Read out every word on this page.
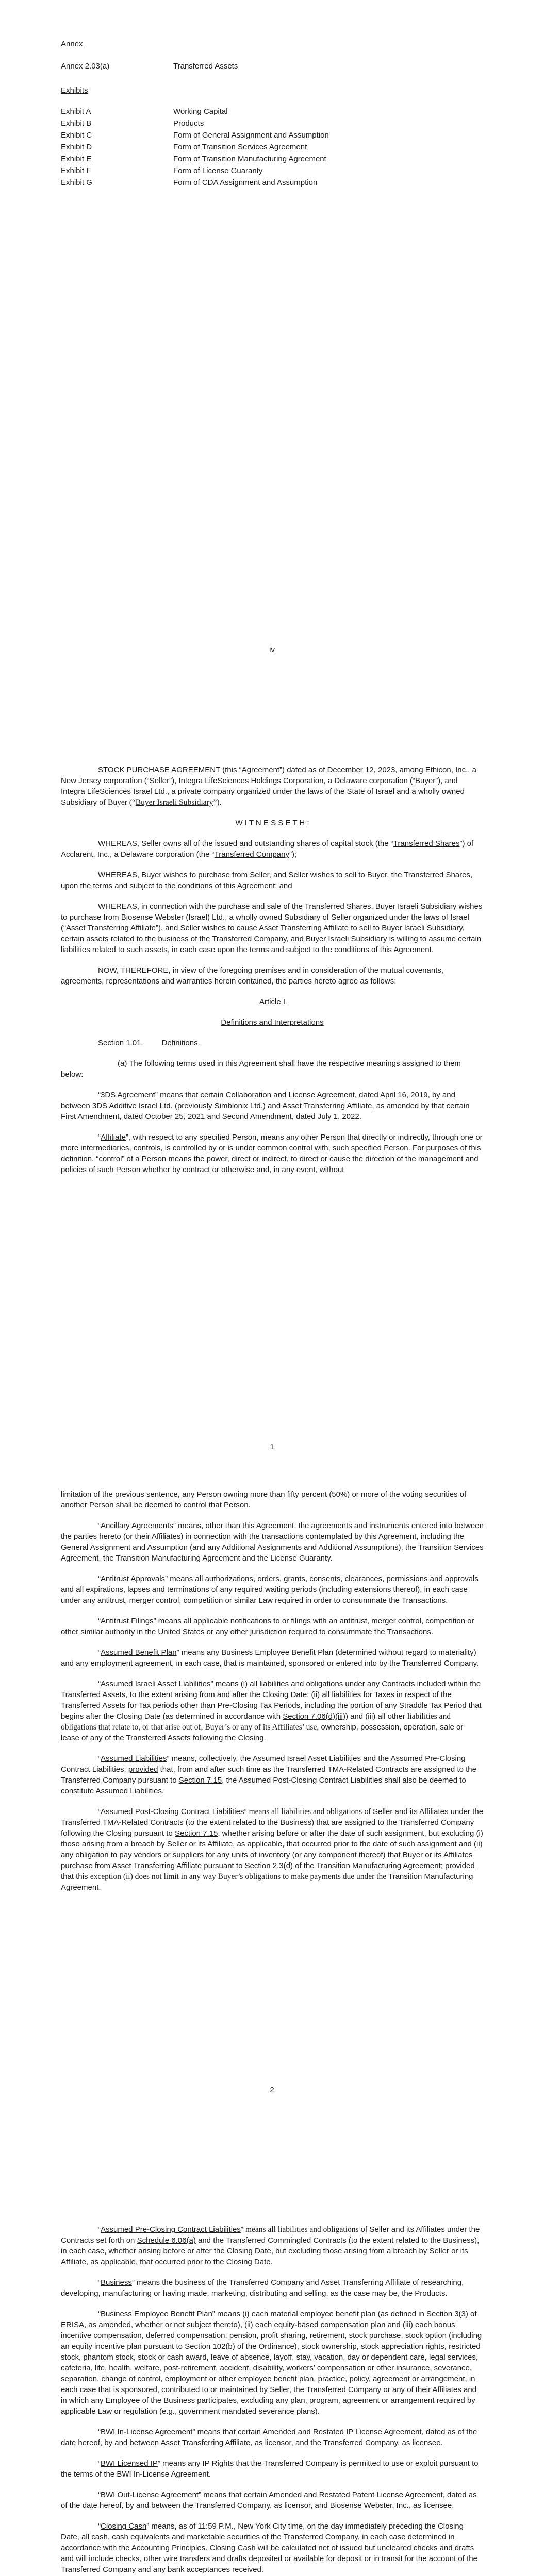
Annex

Annex 2.03(a)	Transferred Assets

Exhibits

Exhibit A	Working Capital
Exhibit B	Products
Exhibit C	Form of General Assignment and Assumption
Exhibit D	Form of Transition Services Agreement
Exhibit E	Form of Transition Manufacturing Agreement
Exhibit F	Form of License Guaranty
Exhibit G	Form of CDA Assignment and Assumption
iv

STOCK PURCHASE AGREEMENT (this “Agreement”) dated as of December 12, 2023, among Ethicon, Inc., a New Jersey corporation (“Seller”), Integra LifeSciences Holdings Corporation, a Delaware corporation (“Buyer”), and Integra LifeSciences Israel Ltd., a private company organized under the laws of the State of Israel and a wholly owned Subsidiary of Buyer (“Buyer Israeli Subsidiary”).

W I T N E S S E T H :

WHEREAS, Seller owns all of the issued and outstanding shares of capital stock (the “Transferred Shares”) of Acclarent, Inc., a Delaware corporation (the “Transferred Company”);

WHEREAS, Buyer wishes to purchase from Seller, and Seller wishes to sell to Buyer, the Transferred Shares, upon the terms and subject to the conditions of this Agreement; and

WHEREAS, in connection with the purchase and sale of the Transferred Shares, Buyer Israeli Subsidiary wishes to purchase from Biosense Webster (Israel) Ltd., a wholly owned Subsidiary of Seller organized under the laws of Israel (“Asset Transferring Affiliate”), and Seller wishes to cause Asset Transferring Affiliate to sell to Buyer Israeli Subsidiary, certain assets related to the business of the Transferred Company, and Buyer Israeli Subsidiary is willing to assume certain liabilities related to such assets, in each case upon the terms and subject to the conditions of this Agreement.

NOW, THEREFORE, in view of the foregoing premises and in consideration of the mutual covenants, agreements, representations and warranties herein contained, the parties hereto agree as follows:

Article I

Definitions and Interpretations

Section 1.01. Definitions.

(a) The following terms used in this Agreement shall have the respective meanings assigned to them below:

“3DS Agreement” means that certain Collaboration and License Agreement, dated April 16, 2019, by and between 3DS Additive Israel Ltd. (previously Simbionix Ltd.) and Asset Transferring Affiliate, as amended by that certain First Amendment, dated October 25, 2021 and Second Amendment, dated July 1, 2022.

“Affiliate”, with respect to any specified Person, means any other Person that directly or indirectly, through one or more intermediaries, controls, is controlled by or is under common control with, such specified Person. For purposes of this definition, “control” of a Person means the power, direct or indirect, to direct or cause the direction of the management and policies of such Person whether by contract or otherwise and, in any event, without

1

limitation of the previous sentence, any Person owning more than fifty percent (50%) or more of the voting securities of another Person shall be deemed to control that Person.

“Ancillary Agreements” means, other than this Agreement, the agreements and instruments entered into between the parties hereto (or their Affiliates) in connection with the transactions contemplated by this Agreement, including the General Assignment and Assumption (and any Additional Assignments and Additional Assumptions), the Transition Services Agreement, the Transition Manufacturing Agreement and the License Guaranty.

“Antitrust Approvals” means all authorizations, orders, grants, consents, clearances, permissions and approvals and all expirations, lapses and terminations of any required waiting periods (including extensions thereof), in each case under any antitrust, merger control, competition or similar Law required in order to consummate the Transactions.

“Antitrust Filings” means all applicable notifications to or filings with an antitrust, merger control, competition or other similar authority in the United States or any other jurisdiction required to consummate the Transactions.

“Assumed Benefit Plan” means any Business Employee Benefit Plan (determined without regard to materiality) and any employment agreement, in each case, that is maintained, sponsored or entered into by the Transferred Company.

“Assumed Israeli Asset Liabilities” means (i) all liabilities and obligations under any Contracts included within the Transferred Assets, to the extent arising from and after the Closing Date; (ii) all liabilities for Taxes in respect of the Transferred Assets for Tax periods other than Pre-Closing Tax Periods, including the portion of any Straddle Tax Period that begins after the Closing Date (as determined in accordance with Section 7.06(d)(iii)) and (iii) all other liabilities and obligations that relate to, or that arise out of, Buyer’s or any of its Affiliates’ use, ownership, possession, operation, sale or lease of any of the Transferred Assets following the Closing.

“Assumed Liabilities” means, collectively, the Assumed Israel Asset Liabilities and the Assumed Pre-Closing Contract Liabilities; provided that, from and after such time as the Transferred TMA-Related Contracts are assigned to the Transferred Company pursuant to Section 7.15, the Assumed Post-Closing Contract Liabilities shall also be deemed to constitute Assumed Liabilities.

“Assumed Post-Closing Contract Liabilities” means all liabilities and obligations of Seller and its Affiliates under the Transferred TMA-Related Contracts (to the extent related to the Business) that are assigned to the Transferred Company following the Closing pursuant to Section 7.15, whether arising before or after the date of such assignment, but excluding (i) those arising from a breach by Seller or its Affiliate, as applicable, that occurred prior to the date of such assignment and (ii) any obligation to pay vendors or suppliers for any units of inventory (or any component thereof) that Buyer or its Affiliates purchase from Asset Transferring Affiliate pursuant to Section 2.3(d) of the Transition Manufacturing Agreement; provided that this exception (ii) does not limit in any way Buyer’s obligations to make payments due under the Transition Manufacturing Agreement.

2

“Assumed Pre-Closing Contract Liabilities” means all liabilities and obligations of Seller and its Affiliates under the Contracts set forth on Schedule 6.06(a) and the Transferred Commingled Contracts (to the extent related to the Business), in each case, whether arising before or after the Closing Date, but excluding those arising from a breach by Seller or its Affiliate, as applicable, that occurred prior to the Closing Date.

“Business” means the business of the Transferred Company and Asset Transferring Affiliate of researching, developing, manufacturing or having made, marketing, distributing and selling, as the case may be, the Products.

“Business Employee Benefit Plan” means (i) each material employee benefit plan (as defined in Section 3(3) of ERISA, as amended, whether or not subject thereto), (ii) each equity-based compensation plan and (iii) each bonus incentive compensation, deferred compensation, pension, profit sharing, retirement, stock purchase, stock option (including an equity incentive plan pursuant to Section 102(b) of the Ordinance), stock ownership, stock appreciation rights, restricted stock, phantom stock, stock or cash award, leave of absence, layoff, stay, vacation, day or dependent care, legal services, cafeteria, life, health, welfare, post-retirement, accident, disability, workers’ compensation or other insurance, severance, separation, change of control, employment or other employee benefit plan, practice, policy, agreement or arrangement, in each case that is sponsored, contributed to or maintained by Seller, the Transferred Company or any of their Affiliates and in which any Employee of the Business participates, excluding any plan, program, agreement or arrangement required by applicable Law or regulation (e.g., government mandated severance plans).

“BWI In-License Agreement” means that certain Amended and Restated IP License Agreement, dated as of the date hereof, by and between Asset Transferring Affiliate, as licensor, and the Transferred Company, as licensee.

“BWI Licensed IP” means any IP Rights that the Transferred Company is permitted to use or exploit pursuant to the terms of the BWI In-License Agreement.

“BWI Out-License Agreement” means that certain Amended and Restated Patent License Agreement, dated as of the date hereof, by and between the Transferred Company, as licensor, and Biosense Webster, Inc., as licensee.

“Closing Cash” means, as of 11:59 P.M., New York City time, on the day immediately preceding the Closing Date, all cash, cash equivalents and marketable securities of the Transferred Company, in each case determined in accordance with the Accounting Principles. Closing Cash will be calculated net of issued but uncleared checks and drafts and will include checks, other wire transfers and drafts deposited or available for deposit or in transit for the account of the Transferred Company and any bank acceptances received.
